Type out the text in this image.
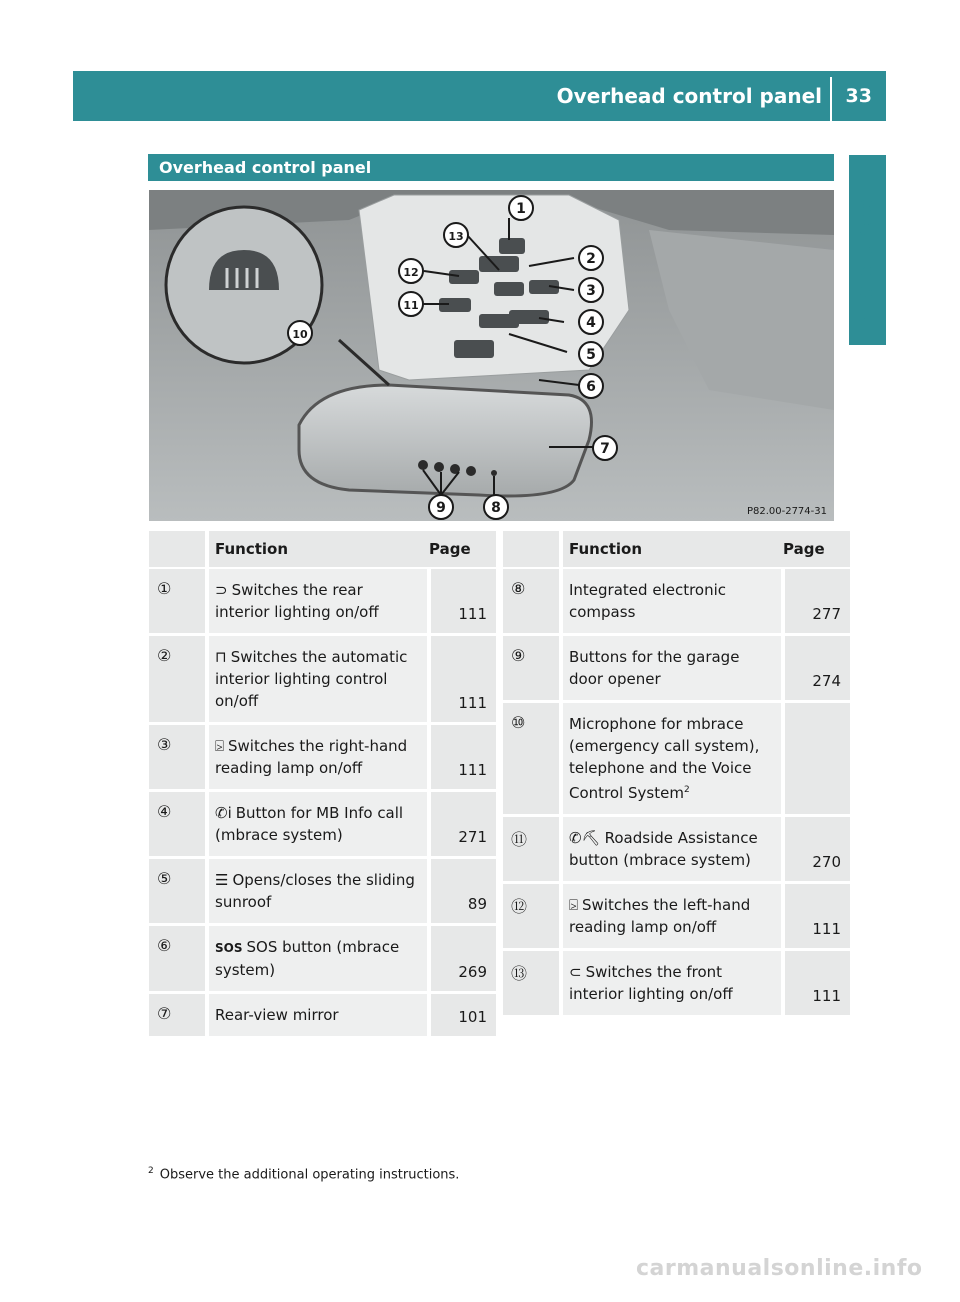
Overhead control panel 33
At a glance
Overhead control panel
1
2
3
4
5
6
7
8
9
10
11
12
13
P82.00-2774-31
	Function	Page
①	⊃ Switches the rear interior lighting on/off	111
②	⊓ Switches the automatic interior lighting control on/off	111
③	⍄ Switches the right-hand reading lamp on/off	111
④	✆i Button for MB Info call (mbrace system)	271
⑤	☰ Opens/closes the sliding sunroof	89
⑥	SOS SOS button (mbrace system)	269
⑦	Rear-view mirror	101
	Function	Page
⑧	Integrated electronic compass	277
⑨	Buttons for the garage door opener	274
⑩	Microphone for mbrace (emergency call system), telephone and the Voice Control System$^2$	
⑪	✆⛏ Roadside Assistance button (mbrace system)	270
⑫	⍄ Switches the left-hand reading lamp on/off	111
⑬	⊂ Switches the front interior lighting on/off	111
$^2$ Observe the additional operating instructions.
carmanualsonline.info
